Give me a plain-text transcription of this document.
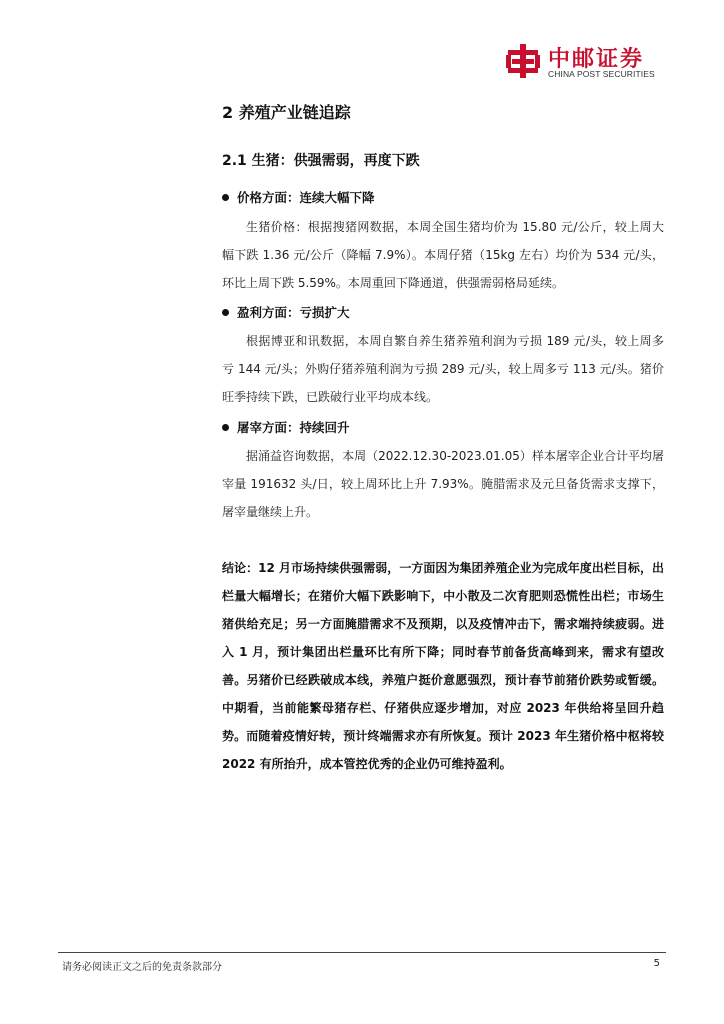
中邮证券
CHINA POST SECURITIES
2 养殖产业链追踪
2.1 生猪：供强需弱，再度下跌
价格方面：连续大幅下降

生猪价格：根据搜猪网数据，本周全国生猪均价为 15.80 元/公斤，较上周大幅下跌 1.36 元/公斤（降幅 7.9%）。本周仔猪（15kg 左右）均价为 534 元/头，环比上周下跌 5.59%。本周重回下降通道，供强需弱格局延续。

盈利方面：亏损扩大

根据博亚和讯数据，本周自繁自养生猪养殖利润为亏损 189 元/头，较上周多亏 144 元/头；外购仔猪养殖利润为亏损 289 元/头，较上周多亏 113 元/头。猪价旺季持续下跌，已跌破行业平均成本线。

屠宰方面：持续回升

据涌益咨询数据，本周（2022.12.30-2023.01.05）样本屠宰企业合计平均屠宰量 191632 头/日，较上周环比上升 7.93%。腌腊需求及元旦备货需求支撑下，屠宰量继续上升。

结论：12 月市场持续供强需弱，一方面因为集团养殖企业为完成年度出栏目标，出栏量大幅增长；在猪价大幅下跌影响下，中小散及二次育肥则恐慌性出栏；市场生猪供给充足；另一方面腌腊需求不及预期，以及疫情冲击下，需求端持续疲弱。进入 1 月，预计集团出栏量环比有所下降；同时春节前备货高峰到来，需求有望改善。另猪价已经跌破成本线，养殖户挺价意愿强烈，预计春节前猪价跌势或暂缓。中期看，当前能繁母猪存栏、仔猪供应逐步增加，对应 2023 年供给将呈回升趋势。而随着疫情好转，预计终端需求亦有所恢复。预计 2023 年生猪价格中枢将较 2022 有所抬升，成本管控优秀的企业仍可维持盈利。

请务必阅读正文之后的免责条款部分	5
